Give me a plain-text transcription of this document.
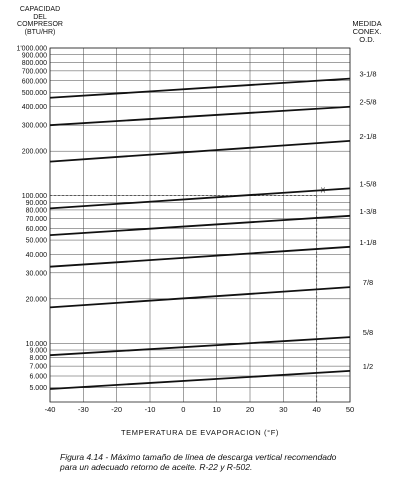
5.000
6.000
7.000
8.000
9.000
10.000
20.000
30.000
40.000
50.000
60.000
70.000
80.000
90.000
100.000
200.000
300.000
400.000
500.000
600.000
700.000
800.000
900.000
1'000.000
-40	-30	-20	-10	0	10	20	30	40	50
1/2
5/8
7/8
1-1/8
1-3/8
1-5/8
2-1/8
2-5/8
3-1/8
X
CAPACIDAD
DEL
COMPRESOR
(BTU/HR)
MEDIDA
CONEX.
O.D.
TEMPERATURA DE EVAPORACION (°F)
Figura 4.14 - Máximo tamaño de línea de descarga vertical recomendado
para un adecuado retorno de aceite. R-22 y R-502.
